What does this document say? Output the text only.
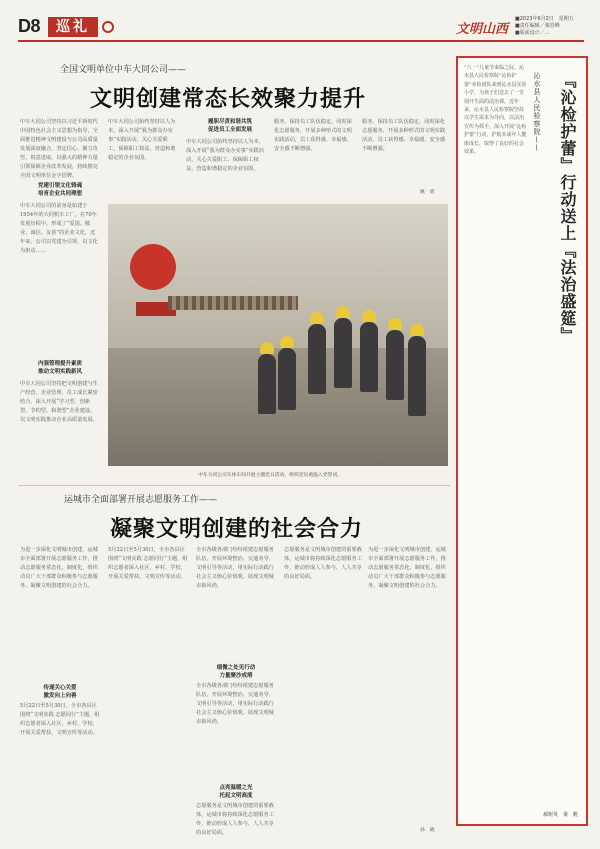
D8	巡礼	文明山西
■2023年6月2日　星期五
■责任编辑／梁晋峰
■版面设计／...
全国文明单位中车大同公司——
文明创建常态长效聚力提升
中车大同公司坚持以习近平新时代中国特色社会主义思想为指导，全面推进精神文明建设与公司高质量发展深度融合，坚定信心、聚力攻坚，锐意进取，以强大的精神力量引领保障企业改革发展，持续擦亮全国文明单位金字招牌。
党建引领文化铸魂
培育企业共同理想
中车大同公司的前身是始建于1954年的大同机车工厂，在70年发展历程中，形成了“爱国、敬业、诚信、友善”的企业文化，近年来，公司以党建为引领，以文化为驱动……
内强管理提升素质
推动文明实践新风
中车大同公司坚持把文明创建与生产经营、企业管理、员工成长紧密结合，深入开展“学习型、创新型、节约型、和谐型”企业建设，以文明实践推动企业高质量发展。
中车大同公司始终坚持以人为本，深入开展“我为群众办实事”实践活动，关心关爱职工，保障职工权益，营造和谐稳定的企业氛围。
履职尽责和谐共筑
促进员工全面发展
中车大同公司始终坚持以人为本，深入开展“我为群众办实事”实践活动，关心关爱职工，保障职工权益，营造和谐稳定的企业氛围。
服务、保持员工队伍稳定，同时深化志愿服务，开展多种形式的文明实践活动，员工获得感、幸福感、安全感不断增强。
服务、保持员工队伍稳定，同时深化志愿服务，开展多种形式的文明实践活动，员工获得感、幸福感、安全感不断增强。
姚　勇
中车大同公司车体车间开展主题党日活动，组织党员重温入党誓词。
运城市全面部署开展志愿服务工作——
凝聚文明创建的社会合力
为进一步深化文明城市创建，运城市全面部署开展志愿服务工作，推动志愿服务常态化、制度化，组织动员广大干部群众积极参与志愿服务，凝聚文明创建的社会合力。
传递关心关爱
激发向上向善
5月22日至5月30日，全市各县区围绕“文明实践 志愿同行”主题，组织志愿者深入社区、乡村、学校，开展关爱帮扶、文明宣传等活动。
5月22日至5月30日，全市各县区围绕“文明实践 志愿同行”主题，组织志愿者深入社区、乡村、学校，开展关爱帮扶、文明宣传等活动。
全市各级各部门纷纷组建志愿服务队伍，开展环境整治、交通劝导、文明引导等活动，用实际行动践行社会主义核心价值观，展现文明城市新风尚。
细微之处见行动
力量聚沙成塔
全市各级各部门纷纷组建志愿服务队伍，开展环境整治、交通劝导、文明引导等活动，用实际行动践行社会主义核心价值观，展现文明城市新风尚。
点亮温暖之光
托起文明高度
志愿服务是文明城市创建的重要载体，运城市将持续深化志愿服务工作，推动形成人人参与、人人共享的良好局面。
志愿服务是文明城市创建的重要载体，运城市将持续深化志愿服务工作，推动形成人人参与、人人共享的良好局面。
为进一步深化文明城市创建，运城市全面部署开展志愿服务工作，推动志愿服务常态化、制度化，组织动员广大干部群众积极参与志愿服务，凝聚文明创建的社会合力。
孙　晓
“六一”儿童节来临之际，沁水县人民检察院“沁检护蕾”未检团队来到沁水县实验小学，为孩子们送去了一堂别开生面的法治课。近年来，沁水县人民检察院坚持以学生需求为导向，以法治宣传为抓手，深入开展“沁检护蕾”行动，护航未成年人健康成长，取得了良好的社会效果。
沁水县人民检察院—— 『沁检护蕾』行动送上『法治盛筵』
郝树英　秦　帆
